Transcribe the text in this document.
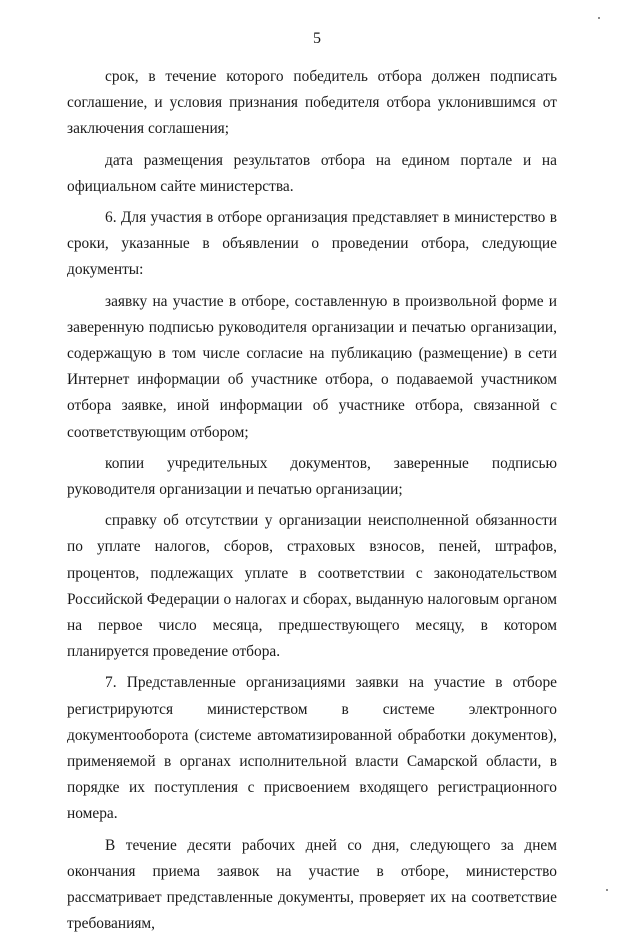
5

срок, в течение которого победитель отбора должен подписать соглашение, и условия признания победителя отбора уклонившимся от заключения соглашения;

дата размещения результатов отбора на едином портале и на официальном сайте министерства.

6. Для участия в отборе организация представляет в министерство в сроки, указанные в объявлении о проведении отбора, следующие документы:

заявку на участие в отборе, составленную в произвольной форме и заверенную подписью руководителя организации и печатью организации, содержащую в том числе согласие на публикацию (размещение) в сети Интернет информации об участнике отбора, о подаваемой участником отбора заявке, иной информации об участнике отбора, связанной с соответствующим отбором;

копии учредительных документов, заверенные подписью руководителя организации и печатью организации;

справку об отсутствии у организации неисполненной обязанности по уплате налогов, сборов, страховых взносов, пеней, штрафов, процентов, подлежащих уплате в соответствии с законодательством Российской Федерации о налогах и сборах, выданную налоговым органом на первое число месяца, предшествующего месяцу, в котором планируется проведение отбора.

7. Представленные организациями заявки на участие в отборе регистрируются министерством в системе электронного документооборота (системе автоматизированной обработки документов), применяемой в органах исполнительной власти Самарской области, в порядке их поступления с присвоением входящего регистрационного номера.

В течение десяти рабочих дней со дня, следующего за днем окончания приема заявок на участие в отборе, министерство рассматривает представленные документы, проверяет их на соответствие требованиям,
